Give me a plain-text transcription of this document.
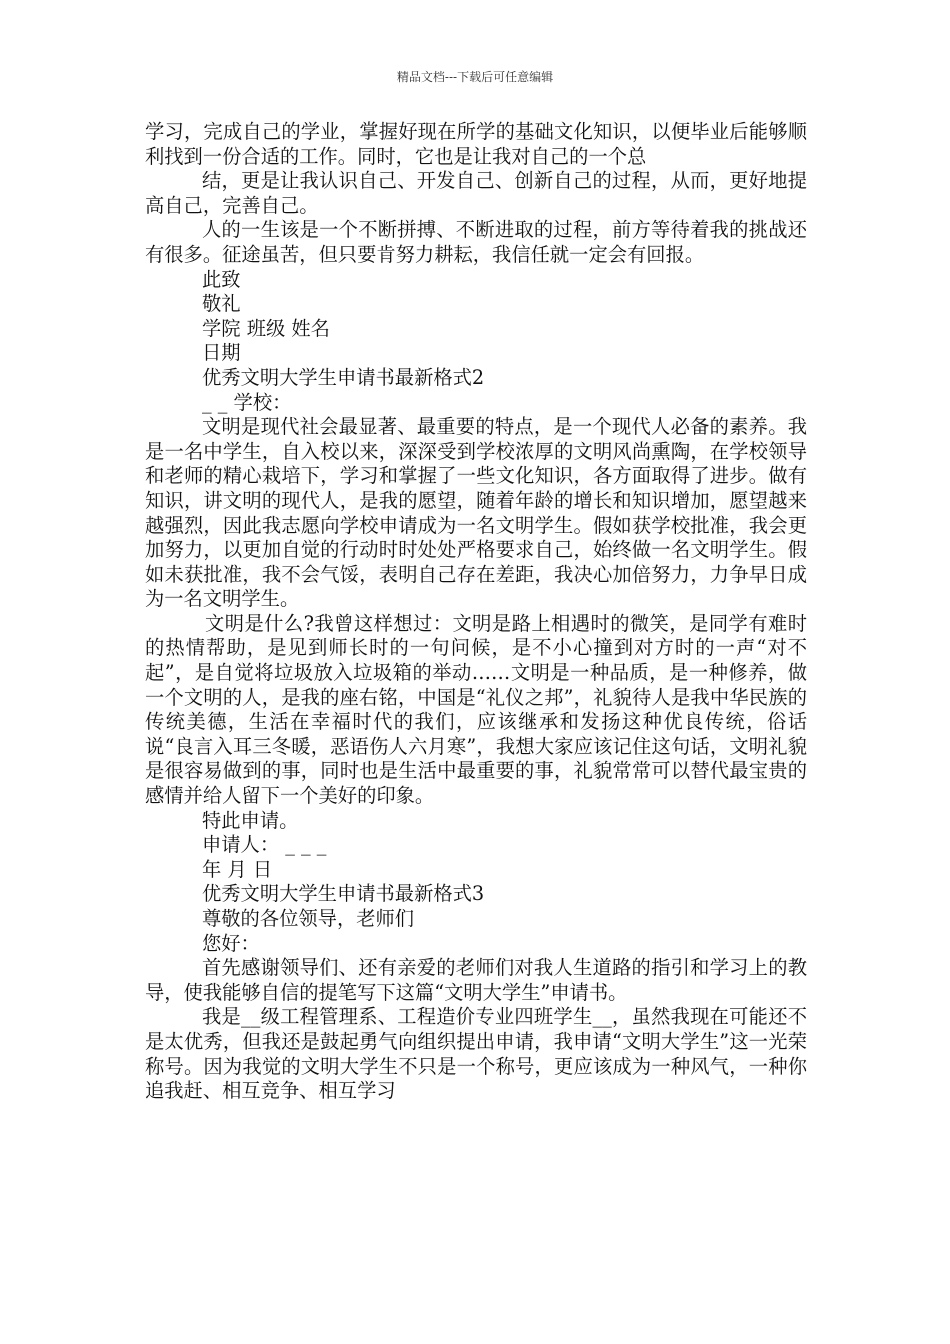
精品文档---下载后可任意编辑

学习，完成自己的学业，掌握好现在所学的基础文化知识，以便毕业后能够顺利找到一份合适的工作。同时，它也是让我对自己的一个总

结，更是让我认识自己、开发自己、创新自己的过程，从而，更好地提高自己，完善自己。

人的一生该是一个不断拼搏、不断进取的过程，前方等待着我的挑战还有很多。征途虽苦，但只要肯努力耕耘，我信任就一定会有回报。

此致

敬礼

学院 班级 姓名

日期

优秀文明大学生申请书最新格式2

_ _ 学校：

文明是现代社会最显著、最重要的特点，是一个现代人必备的素养。我是一名中学生，自入校以来，深深受到学校浓厚的文明风尚熏陶，在学校领导和老师的精心栽培下，学习和掌握了一些文化知识，各方面取得了进步。做有知识，讲文明的现代人，是我的愿望，随着年龄的增长和知识增加，愿望越来越强烈，因此我志愿向学校申请成为一名文明学生。假如获学校批准，我会更加努力，以更加自觉的行动时时处处严格要求自己，始终做一名文明学生。假如未获批准，我不会气馁，表明自己存在差距，我决心加倍努力，力争早日成为一名文明学生。

文明是什么?我曾这样想过：文明是路上相遇时的微笑，是同学有难时的热情帮助，是见到师长时的一句问候，是不小心撞到对方时的一声“对不起”，是自觉将垃圾放入垃圾箱的举动……文明是一种品质，是一种修养，做一个文明的人，是我的座右铭，中国是“礼仪之邦”，礼貌待人是我中华民族的传统美德，生活在幸福时代的我们，应该继承和发扬这种优良传统，俗话说“良言入耳三冬暖，恶语伤人六月寒”，我想大家应该记住这句话，文明礼貌是很容易做到的事，同时也是生活中最重要的事，礼貌常常可以替代最宝贵的感情并给人留下一个美好的印象。

特此申请。

申请人： _ _ _

年 月 日

优秀文明大学生申请书最新格式3

尊敬的各位领导，老师们

您好：

首先感谢领导们、还有亲爱的老师们对我人生道路的指引和学习上的教导，使我能够自信的提笔写下这篇“文明大学生”申请书。

我是__级工程管理系、工程造价专业四班学生__，虽然我现在可能还不是太优秀，但我还是鼓起勇气向组织提出申请，我申请“文明大学生”这一光荣称号。因为我觉的文明大学生不只是一个称号，更应该成为一种风气，一种你追我赶、相互竞争、相互学习
